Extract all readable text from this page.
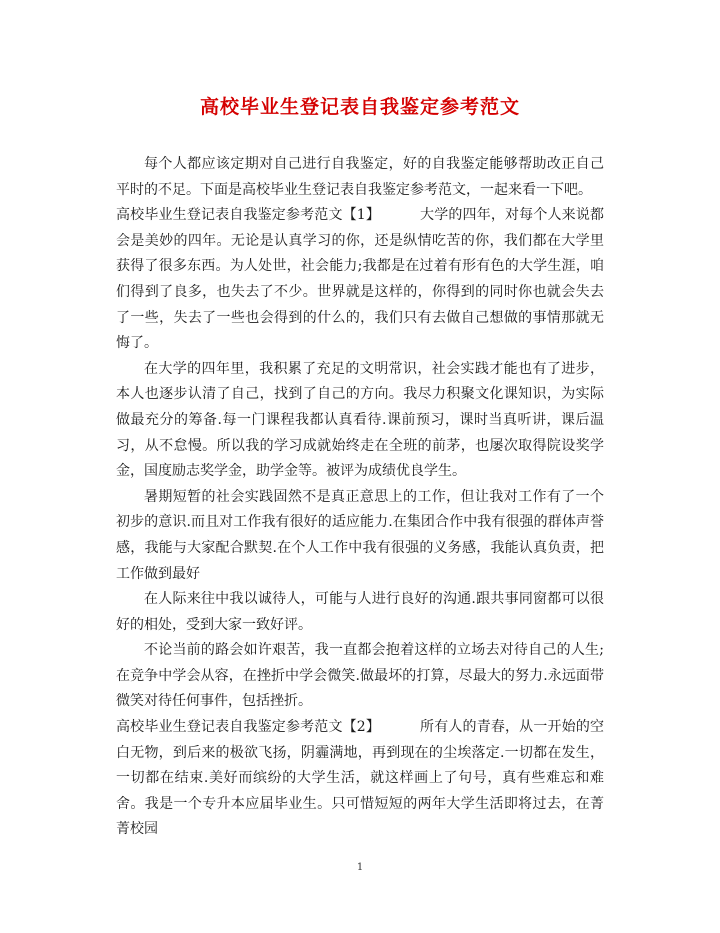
高校毕业生登记表自我鉴定参考范文

每个人都应该定期对自己进行自我鉴定，好的自我鉴定能够帮助改正自己平时的不足。下面是高校毕业生登记表自我鉴定参考范文，一起来看一下吧。

高校毕业生登记表自我鉴定参考范文【1】	大学的四年，对每个人来说都会是美妙的四年。无论是认真学习的你，还是纵情吃苦的你，我们都在大学里获得了很多东西。为人处世，社会能力;我都是在过着有形有色的大学生涯，咱们得到了良多，也失去了不少。世界就是这样的，你得到的同时你也就会失去了一些，失去了一些也会得到的什么的，我们只有去做自己想做的事情那就无悔了。

在大学的四年里，我积累了充足的文明常识，社会实践才能也有了进步，本人也逐步认清了自己，找到了自己的方向。我尽力积聚文化课知识，为实际做最充分的筹备.每一门课程我都认真看待.课前预习，课时当真听讲，课后温习，从不怠慢。所以我的学习成就始终走在全班的前茅，也屡次取得院设奖学金，国度励志奖学金，助学金等。被评为成绩优良学生。

暑期短暂的社会实践固然不是真正意思上的工作，但让我对工作有了一个初步的意识.而且对工作我有很好的适应能力.在集团合作中我有很强的群体声誉感，我能与大家配合默契.在个人工作中我有很强的义务感，我能认真负责，把工作做到最好

在人际来往中我以诚待人，可能与人进行良好的沟通.跟共事同窗都可以很好的相处，受到大家一致好评。

不论当前的路会如许艰苦，我一直都会抱着这样的立场去对待自己的人生;在竞争中学会从容，在挫折中学会微笑.做最坏的打算，尽最大的努力.永远面带微笑对待任何事件，包括挫折。

高校毕业生登记表自我鉴定参考范文【2】	所有人的青春，从一开始的空白无物，到后来的极欲飞扬，阴霾满地，再到现在的尘埃落定.一切都在发生，一切都在结束.美好而缤纷的大学生活，就这样画上了句号，真有些难忘和难舍。我是一个专升本应届毕业生。只可惜短短的两年大学生活即将过去，在菁菁校园

1
